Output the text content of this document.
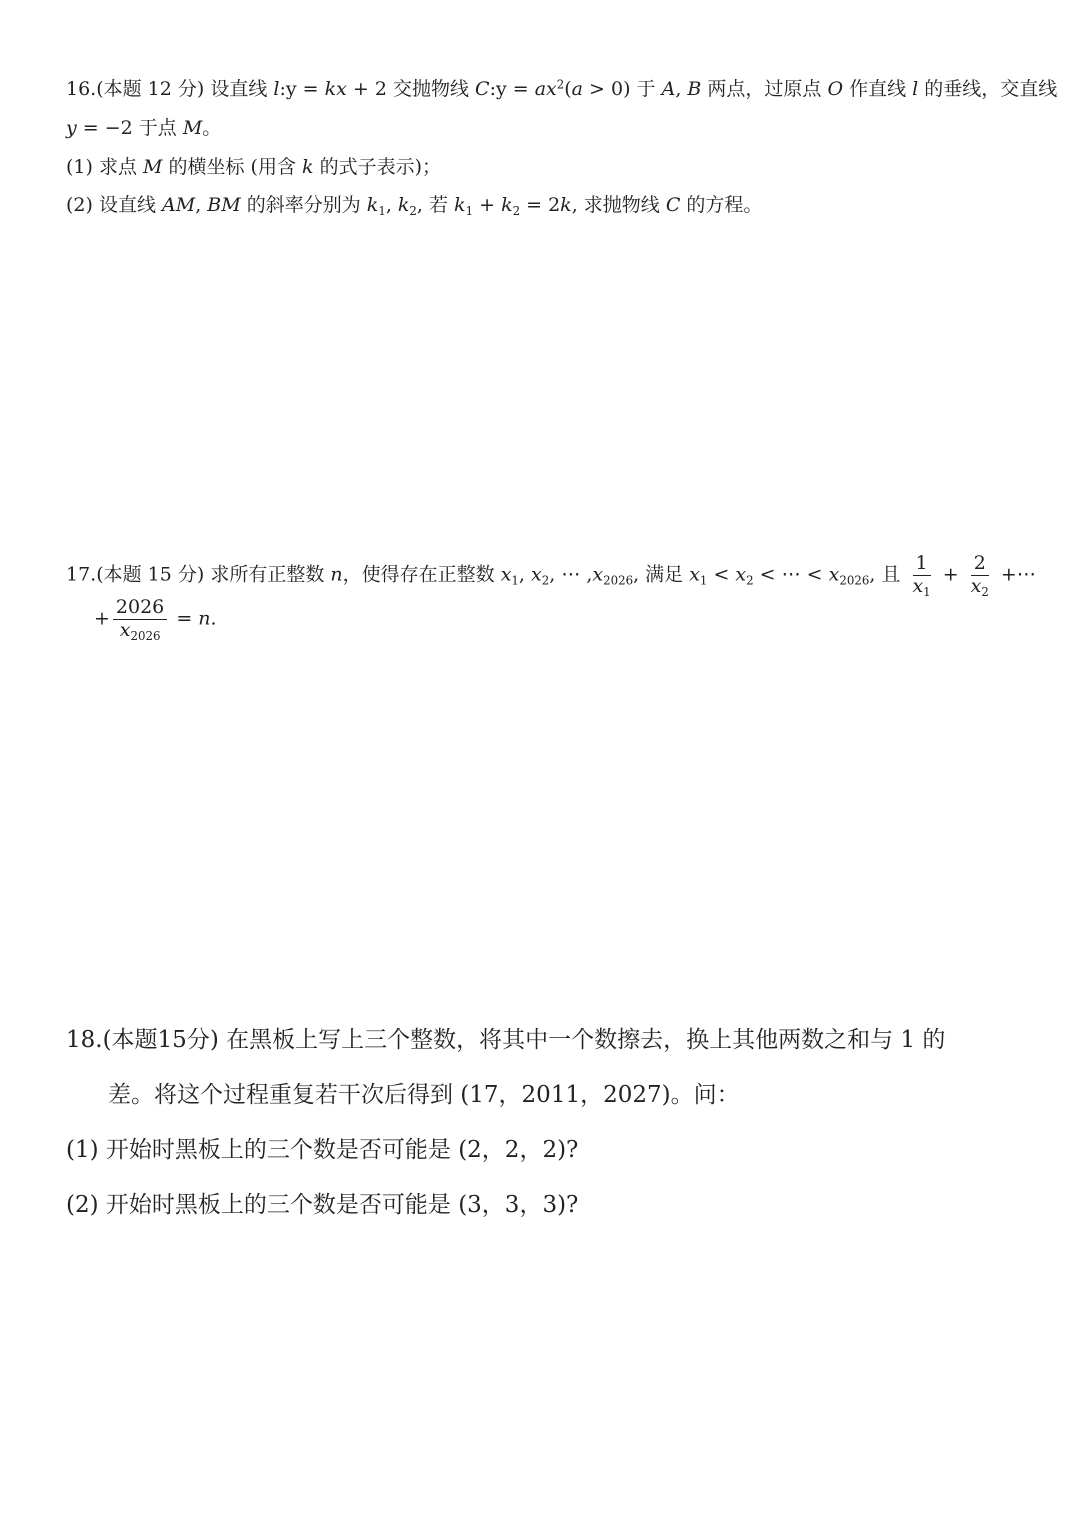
16.(本题 12 分) 设直线 l:y = kx + 2 交抛物线 C:y = $ax^2(a > 0)$ 于 A, B 两点，过原点 O 作直线 l 的垂线，交直线
y = −2 于点 M。
(1) 求点 M 的横坐标 (用含 k 的式子表示)；
(2) 设直线 AM, BM 的斜率分别为 $k_1$, $k_2$, 若 $k_1 + k_2 = 2k$, 求抛物线 C 的方程。
17.(本题 15 分) 求所有正整数 n，使得存在正整数 $x_1$, $x_2$, ⋯ $,x_{2026}$, 满足 $x_1 < x_2$ < ⋯ < $x_{2026}$, 且 $\frac{1}{x_1} + \frac{2}{x_2}$ +⋯
+ $\frac{2026}{x_{2026}} = n$.
18.(本题15分) 在黑板上写上三个整数，将其中一个数擦去，换上其他两数之和与 1 的
差。将这个过程重复若干次后得到 (17，2011，2027)。问：
(1) 开始时黑板上的三个数是否可能是 (2，2，2)?
(2) 开始时黑板上的三个数是否可能是 (3，3，3)?
